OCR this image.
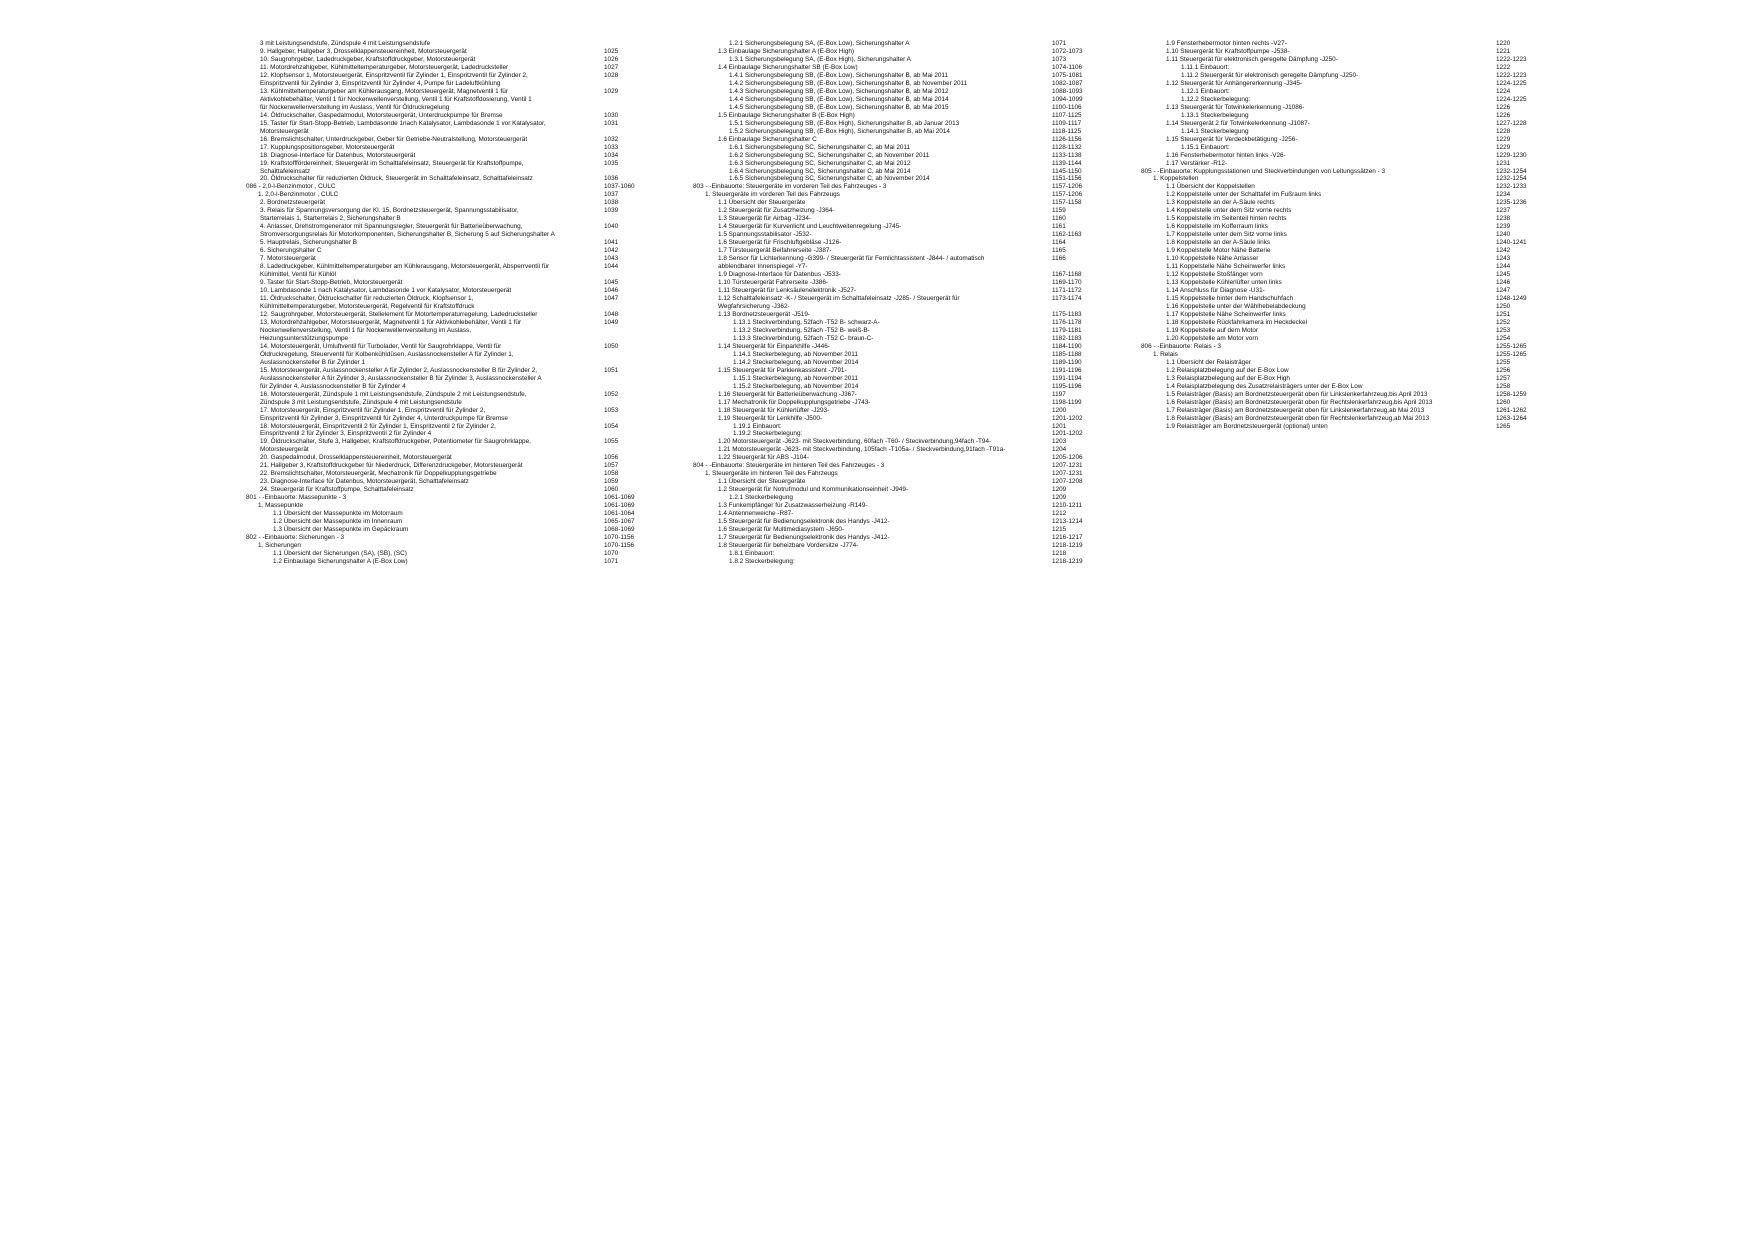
3 mit Leistungsendstufe, Zündspule 4 mit Leistungsendstufe
9. Hallgeber, Hallgeber 3, Drosselklappensteuereinheit, Motorsteuergerät	1025
10. Saugrohrgeber, Ladedruckgeber, Kraftstoffdruckgeber, Motorsteuergerät	1026
11. Motordrehzahlgeber, Kühlmitteltemperaturgeber, Motorsteuergerät, Ladedrucksteller	1027
12. Klopfsensor 1, Motorsteuergerät, Einspritzventil für Zylinder 1, Einspritzventil für Zylinder 2,	1028
Einspritzventil für Zylinder 3, Einspritzventil für Zylinder 4, Pumpe für Ladeluftkühlung
13. Kühlmitteltemperaturgeber am Kühlerausgang, Motorsteuergerät, Magnetventil 1 für	1029
Aktivkohlebehälter, Ventil 1 für Nockenwellenverstellung, Ventil 1 für Kraftstoffdosierung, Ventil 1
für Nockenwellenverstellung im Auslass, Ventil für Öldruckregelung
14. Öldruckschalter, Gaspedalmodul, Motorsteuergerät, Unterdruckpumpe für Bremse	1030
15. Taster für Start-Stopp-Betrieb, Lambdasonde 1nach Katalysator, Lambdasonde 1 vor Katalysator,	1031
Motorsteuergerät
16. Bremslichtschalter, Unterdruckgeber, Geber für Getriebe-Neutralstellung, Motorsteuergerät	1032
17. Kupplungspositionsgeber, Motorsteuergerät	1033
18. Diagnose-Interface für Datenbus, Motorsteuergerät	1034
19. Kraftstofffördereinheit, Steuergerät im Schalttafeleinsatz, Steuergerät für Kraftstoffpumpe,	1035
Schalttafeleinsatz
20. Öldruckschalter für reduzierten Öldruck, Steuergerät im Schalttafeleinsatz, Schalttafeleinsatz	1036
086 - 2,0-l-Benzinmotor , CULC	1037-1060
1. 2,0-l-Benzinmotor , CULC	1037
2. Bordnetzsteuergerät	1038
3. Relais für Spannungsversorgung der Kl. 15, Bordnetzsteuergerät, Spannungsstabilisator,	1039
Starterrelais 1, Starterrelais 2, Sicherungshalter B
4. Anlasser, Drehstromgenerator mit Spannungsregler, Steuergerät für Batterieüberwachung,	1040
Stromversorgungsrelais für Motorkomponenten, Sicherungshalter B, Sicherung 5 auf Sicherungshalter A
5. Hauptrelais, Sicherungshalter B	1041
6. Sicherungshalter C	1042
7. Motorsteuergerät	1043
8. Ladedruckgeber, Kühlmitteltemperaturgeber am Kühlerausgang, Motorsteuergerät, Absperrventil für	1044
Kühlmittel, Ventil für Kühlöl
9. Taster für Start-Stopp-Betrieb, Motorsteuergerät	1045
10. Lambdasonde 1 nach Katalysator, Lambdasonde 1 vor Katalysator, Motorsteuergerät	1046
11. Öldruckschalter, Öldruckschalter für reduzierten Öldruck, Klopfsensor 1,	1047
Kühlmitteltemperaturgeber, Motorsteuergerät, Regelventil für Kraftstoffdruck
12. Saugrohrgeber, Motorsteuergerät, Stellelement für Motortemperaturregelung, Ladedrucksteller	1048
13. Motordrehzahlgeber, Motorsteuergerät, Magnetventil 1 für Aktivkohlebehälter, Ventil 1 für	1049
Nockenwellenverstellung, Ventil 1 für Nockenwellenverstellung im Auslass,
Heizungsunterstützungspumpe
14. Motorsteuergerät, Umluftventil für Turbolader, Ventil für Saugrohrklappe, Ventil für	1050
Öldruckregelung, Steuerventil für Kolbenkühldüsen, Auslassnockensteller A für Zylinder 1,
Auslassnockensteller B für Zylinder 1
15. Motorsteuergerät, Auslassnockensteller A für Zylinder 2, Auslassnockensteller B für Zylinder 2,	1051
Auslassnockensteller A für Zylinder 3, Auslassnockensteller B für Zylinder 3, Auslassnockensteller A
für Zylinder 4, Auslassnockensteller B für Zylinder 4
16. Motorsteuergerät, Zündspule 1 mit Leistungsendstufe, Zündspule 2 mit Leistungsendstufe,	1052
Zündspule 3 mit Leistungsendstufe, Zündspule 4 mit Leistungsendstufe
17. Motorsteuergerät, Einspritzventil für Zylinder 1, Einspritzventil für Zylinder 2,	1053
Einspritzventil für Zylinder 3, Einspritzventil für Zylinder 4, Unterdruckpumpe für Bremse
18. Motorsteuergerät, Einspritzventil 2 für Zylinder 1, Einspritzventil 2 für Zylinder 2,	1054
Einspritzventil 2 für Zylinder 3, Einspritzventil 2 für Zylinder 4
19. Öldruckschalter, Stufe 3, Hallgeber, Kraftstoffdruckgeber, Potentiometer für Saugrohrklappe,	1055
Motorsteuergerät
20. Gaspedalmodul, Drosselklappensteuereinheit, Motorsteuergerät	1056
21. Hallgeber 3, Kraftstoffdruckgeber für Niederdruck, Differenzdruckgeber, Motorsteuergerät	1057
22. Bremslichtschalter, Motorsteuergerät, Mechatronik für Doppelkupplungsgetriebe	1058
23. Diagnose-Interface für Datenbus, Motorsteuergerät, Schalttafeleinsatz	1059
24. Steuergerät für Kraftstoffpumpe, Schalttafeleinsatz	1060
801 - -Einbauorte: Massepunkte - 3	1061-1069
1. Massepunkte	1061-1069
1.1 Übersicht der Massepunkte im Motorraum	1061-1064
1.2 Übersicht der Massepunkte im Innenraum	1065-1067
1.3 Übersicht der Massepunkte im Gepäckraum	1068-1069
802 - -Einbauorte: Sicherungen - 3	1070-1156
1. Sicherungen	1070-1156
1.1 Übersicht der Sicherungen (SA), (SB), (SC)	1070
1.2 Einbaulage Sicherungshalter A (E-Box Low)	1071
1.2.1 Sicherungsbelegung SA, (E-Box Low), Sicherungshalter A	1071
1.3 Einbaulage Sicherungshalter A (E-Box High)	1072-1073
1.3.1 Sicherungsbelegung SA, (E-Box High), Sicherungshalter A	1073
1.4 Einbaulage Sicherungshalter SB (E-Box Low)	1074-1106
1.4.1 Sicherungsbelegung SB, (E-Box Low), Sicherungshalter B, ab Mai 2011	1075-1081
1.4.2 Sicherungsbelegung SB, (E-Box Low), Sicherungshalter B, ab November 2011	1082-1087
1.4.3 Sicherungsbelegung SB, (E-Box Low), Sicherungshalter B, ab Mai 2012	1088-1093
1.4.4 Sicherungsbelegung SB, (E-Box Low), Sicherungshalter B, ab Mai 2014	1094-1099
1.4.5 Sicherungsbelegung SB, (E-Box Low), Sicherungshalter B, ab Mai 2015	1100-1106
1.5 Einbaulage Sicherungshalter B (E-Box High)	1107-1125
1.5.1 Sicherungsbelegung SB, (E-Box High), Sicherungshalter B, ab Januar 2013	1109-1117
1.5.2 Sicherungsbelegung SB, (E-Box High), Sicherungshalter B, ab Mai 2014	1118-1125
1.6 Einbaulage Sicherungshalter C	1126-1156
1.6.1 Sicherungsbelegung SC, Sicherungshalter C, ab Mai 2011	1128-1132
1.6.2 Sicherungsbelegung SC, Sicherungshalter C, ab November 2011	1133-1138
1.6.3 Sicherungsbelegung SC, Sicherungshalter C, ab Mai 2012	1139-1144
1.6.4 Sicherungsbelegung SC, Sicherungshalter C, ab Mai 2014	1145-1150
1.6.5 Sicherungsbelegung SC, Sicherungshalter C, ab November 2014	1151-1156
803 - -Einbauorte: Steuergeräte im vorderen Teil des Fahrzeuges - 3	1157-1206
1. Steuergeräte im vorderen Teil des Fahrzeugs	1157-1206
1.1 Übersicht der Steuergeräte	1157-1158
1.2 Steuergerät für Zusatzheizung -J364-	1159
1.3 Steuergerät für Airbag -J234-	1160
1.4 Steuergerät für Kurvenlicht und Leuchtweitenregelung -J745-	1161
1.5 Spannungsstabilisator -J532-	1162-1163
1.6 Steuergerät für Frischluftgebläse -J126-	1164
1.7 Türsteuergerät Beifahrerseite -J387-	1165
1.8 Sensor für Lichterkennung -G399- / Steuergerät für Fernlichtassistent -J844- / automatisch	1166
abblendbarer Innenspiegel -Y7-
1.9 Diagnose-Interface für Datenbus -J533-	1167-1168
1.10 Türsteuergerät Fahrerseite -J386-	1169-1170
1.11 Steuergerät für Lenksäulenelektronik -J527-	1171-1172
1.12 Schalttafeleinsatz -K- / Steuergerät im Schalttafeleinsatz -J285- / Steuergerät für	1173-1174
Wegfahrsicherung -J362-
1.13 Bordnetzsteuergerät -J519-	1175-1183
1.13.1 Steckverbindung, 52fach -T52 B- schwarz-A-	1176-1178
1.13.2 Steckverbindung, 52fach -T52 B- weiß-B-	1179-1181
1.13.3 Steckverbindung, 52fach -T52 C- braun-C-	1182-1183
1.14 Steuergerät für Einparkhilfe -J446-	1184-1190
1.14.1 Steckerbelegung, ab November 2011	1185-1188
1.14.2 Steckerbelegung, ab November 2014	1189-1190
1.15 Steuergerät für Parklenkassistent -J791-	1191-1196
1.15.1 Steckerbelegung, ab November 2011	1191-1194
1.15.2 Steckerbelegung, ab November 2014	1195-1196
1.16 Steuergerät für Batterieüberwachung -J367-	1197
1.17 Mechatronik für Doppelkupplungsgetriebe -J743-	1198-1199
1.18 Steuergerät für Kühlerlüfter -J293-	1200
1.19 Steuergerät für Lenkhilfe -J500-	1201-1202
1.19.1 Einbauort:	1201
1.19.2 Steckerbelegung:	1201-1202
1.20 Motorsteuergerät -J623- mit Steckverbindung, 60fach -T60- / Steckverbindung,94fach -T94-	1203
1.21 Motorsteuergerät -J623- mit Steckverbindung, 105fach -T105a- / Steckverbindung,91fach -T91a-	1204
1.22 Steuergerät für ABS -J104-	1205-1206
804 - -Einbauorte: Steuergeräte im hinteren Teil des Fahrzeuges - 3	1207-1231
1. Steuergeräte im hinteren Teil des Fahrzeugs	1207-1231
1.1 Übersicht der Steuergeräte	1207-1208
1.2 Steuergerät für Notrufmodul und Kommunikationseinheit -J949-	1209
1.2.1 Steckerbelegung	1209
1.3 Funkempfänger für Zusatzwasserheizung -R149-	1210-1211
1.4 Antennenweiche -R87-	1212
1.5 Steuergerät für Bedienungselektronik des Handys -J412-	1213-1214
1.6 Steuergerät für Multimediasystem -J650-	1215
1.7 Steuergerät für Bedienungselektronik des Handys -J412-	1216-1217
1.8 Steuergerät für beheizbare Vordersitze -J774-	1218-1219
1.8.1 Einbauort:	1218
1.8.2 Steckerbelegung:	1218-1219
1.9 Fensterhebermotor hinten rechts -V27-	1220
1.10 Steuergerät für Kraftstoffpumpe -J538-	1221
1.11 Steuergerät für elektronisch geregelte Dämpfung -J250-	1222-1223
1.11.1 Einbauort:	1222
1.11.2 Steuergerät für elektronisch geregelte Dämpfung -J250-	1222-1223
1.12 Steuergerät für Anhängererkennung -J345-	1224-1225
1.12.1 Einbauort:	1224
1.12.2 Steckerbelegung:	1224-1225
1.13 Steuergerät für Totwinkelerkennung -J1086-	1226
1.13.1 Steckerbelegung	1226
1.14 Steuergerät 2 für Totwinkelerkennung -J1087-	1227-1228
1.14.1 Steckerbelegung	1228
1.15 Steuergerät für Verdeckbetätigung -J256-	1229
1.15.1 Einbauort:	1229
1.16 Fensterhebermotor hinten links -V26-	1229-1230
1.17 Verstärker -R12-	1231
805 - -Einbauorte: Kupplungsstationen und Steckverbindungen von Leitungssätzen - 3	1232-1254
1. Koppelstellen	1232-1254
1.1 Übersicht der Koppelstellen	1232-1233
1.2 Koppelstelle unter der Schalttafel im Fußraum links	1234
1.3 Koppelstelle an der A-Säule rechts	1235-1236
1.4 Koppelstelle unter dem Sitz vorne rechts	1237
1.5 Koppelstelle im Seitenteil hinten rechts	1238
1.6 Koppelstelle im Kofferraum links	1239
1.7 Koppelstelle unter dem Sitz vorne links	1240
1.8 Koppelstelle an der A-Säule links	1240-1241
1.9 Koppelstelle Motor Nähe Batterie	1242
1.10 Koppelstelle Nähe Anlasser	1243
1.11 Koppelstelle Nähe Scheinwerfer links	1244
1.12 Koppelstelle Stoßfänger vorn	1245
1.13 Koppelstelle Kühlerlüfter unten links	1246
1.14 Anschluss für Diagnose -U31-	1247
1.15 Koppelstelle hinter dem Handschuhfach	1248-1249
1.16 Koppelstelle unter der Wählhebelabdeckung	1250
1.17 Koppelstelle Nähe Scheinwerfer links	1251
1.18 Koppelstelle Rückfahrkamera im Heckdeckel	1252
1.19 Koppelstelle auf dem Motor	1253
1.20 Koppelstelle am Motor vorn	1254
806 - -Einbauorte: Relais - 3	1255-1265
1. Relais	1255-1265
1.1 Übersicht der Relaisträger	1255
1.2 Relaisplatzbelegung auf der E-Box Low	1256
1.3 Relaisplatzbelegung auf der E-Box High	1257
1.4 Relaisplatzbelegung des Zusatzrelaisträgers unter der E-Box Low	1258
1.5 Relaisträger (Basis) am Bordnetzsteuergerät oben für Linkslenkerfahrzeug,bis April 2013	1258-1259
1.6 Relaisträger (Basis) am Bordnetzsteuergerät oben für Rechtslenkerfahrzeug,bis April 2013	1260
1.7 Relaisträger (Basis) am Bordnetzsteuergerät oben für Linkslenkerfahrzeug,ab Mai 2013	1261-1262
1.8 Relaisträger (Basis) am Bordnetzsteuergerät oben für Rechtslenkerfahrzeug,ab Mai 2013	1263-1264
1.9 Relaisträger am Bordnetzsteuergerät (optional) unten	1265
